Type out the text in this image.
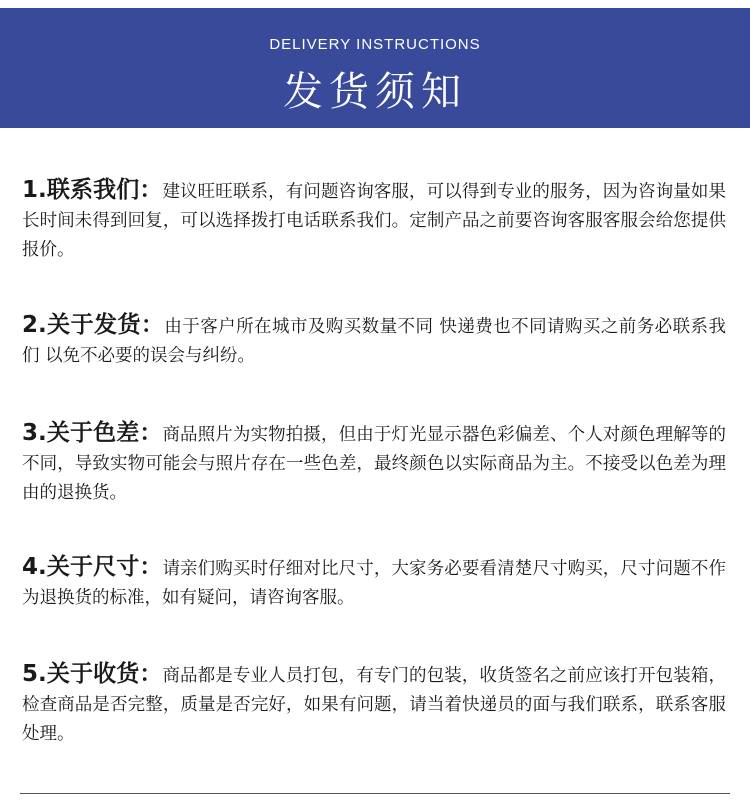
DELIVERY INSTRUCTIONS
发货须知
1.联系我们：建议旺旺联系，有问题咨询客服，可以得到专业的服务，因为咨询量如果长时间未得到回复，可以选择拨打电话联系我们。定制产品之前要咨询客服客服会给您提供报价。
2.关于发货：由于客户所在城市及购买数量不同 快递费也不同请购买之前务必联系我们 以免不必要的误会与纠纷。
3.关于色差：商品照片为实物拍摄，但由于灯光显示器色彩偏差、个人对颜色理解等的不同，导致实物可能会与照片存在一些色差，最终颜色以实际商品为主。不接受以色差为理由的退换货。
4.关于尺寸：请亲们购买时仔细对比尺寸，大家务必要看清楚尺寸购买，尺寸问题不作为退换货的标准，如有疑问，请咨询客服。
5.关于收货：商品都是专业人员打包，有专门的包装，收货签名之前应该打开包装箱，检查商品是否完整，质量是否完好，如果有问题，请当着快递员的面与我们联系，联系客服处理。
